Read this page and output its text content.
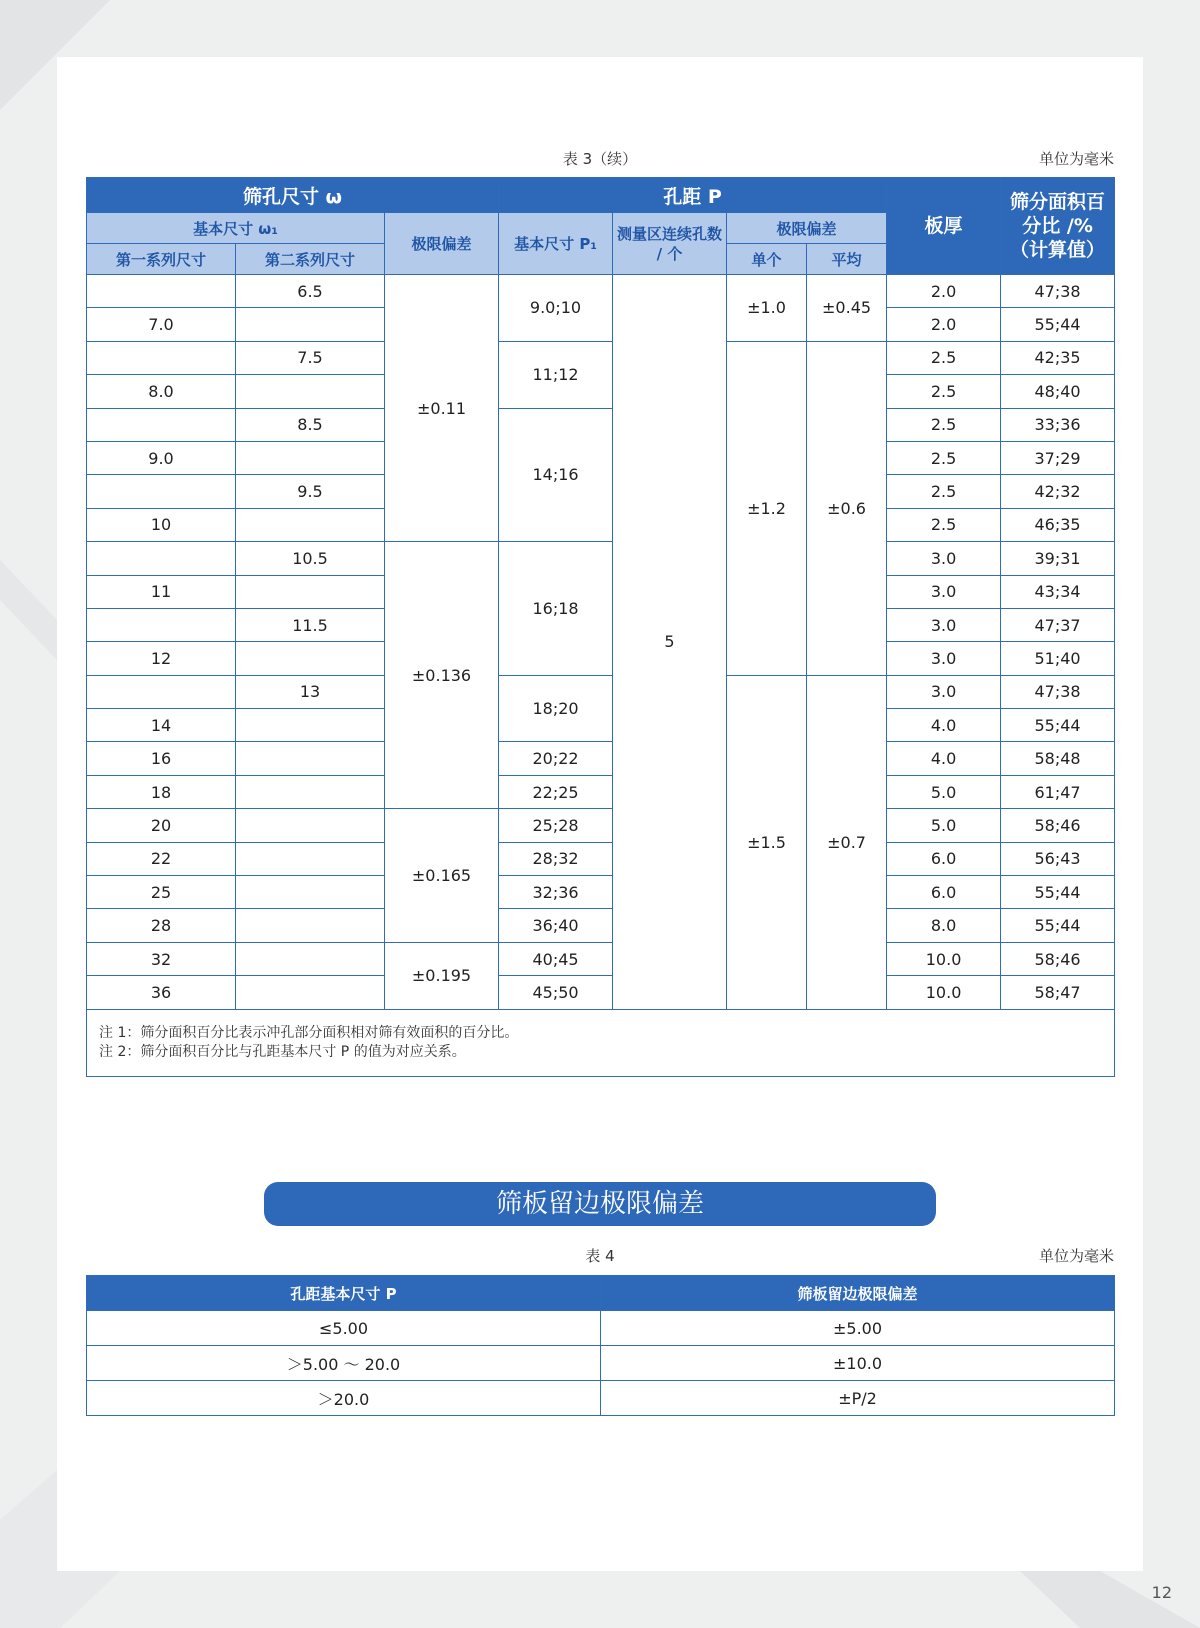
表 3（续）	单位为毫米
筛孔尺寸 ω			孔距 P				板厚	筛分面积百分比 /%（计算值）
基本尺寸 ω₁		极限偏差	基本尺寸 P₁	测量区连续孔数 / 个	极限偏差			
第一系列尺寸	第二系列尺寸				单个	平均		
	6.5	±0.11	9.0;10	5	±1.0	±0.45	2.0	47;38
7.0							2.0	55;44
	7.5		11;12		±1.2	±0.6	2.5	42;35
8.0							2.5	48;40
	8.5		14;16				2.5	33;36
9.0							2.5	37;29
	9.5						2.5	42;32
10							2.5	46;35
	10.5	±0.136	16;18				3.0	39;31
11							3.0	43;34
	11.5						3.0	47;37
12							3.0	51;40
	13		18;20		±1.5	±0.7	3.0	47;38
14							4.0	55;44
16			20;22				4.0	58;48
18			22;25				5.0	61;47
20		±0.165	25;28				5.0	58;46
22			28;32				6.0	56;43
25			32;36				6.0	55;44
28			36;40				8.0	55;44
32		±0.195	40;45				10.0	58;46
36			45;50				10.0	58;47

注 1：筛分面积百分比表示冲孔部分面积相对筛有效面积的百分比。
注 2：筛分面积百分比与孔距基本尺寸 P 的值为对应关系。								
筛板留边极限偏差
表 4	单位为毫米
孔距基本尺寸 P	筛板留边极限偏差
≤5.00	±5.00
＞5.00 ～ 20.0	±10.0
＞20.0	±P/2
12
